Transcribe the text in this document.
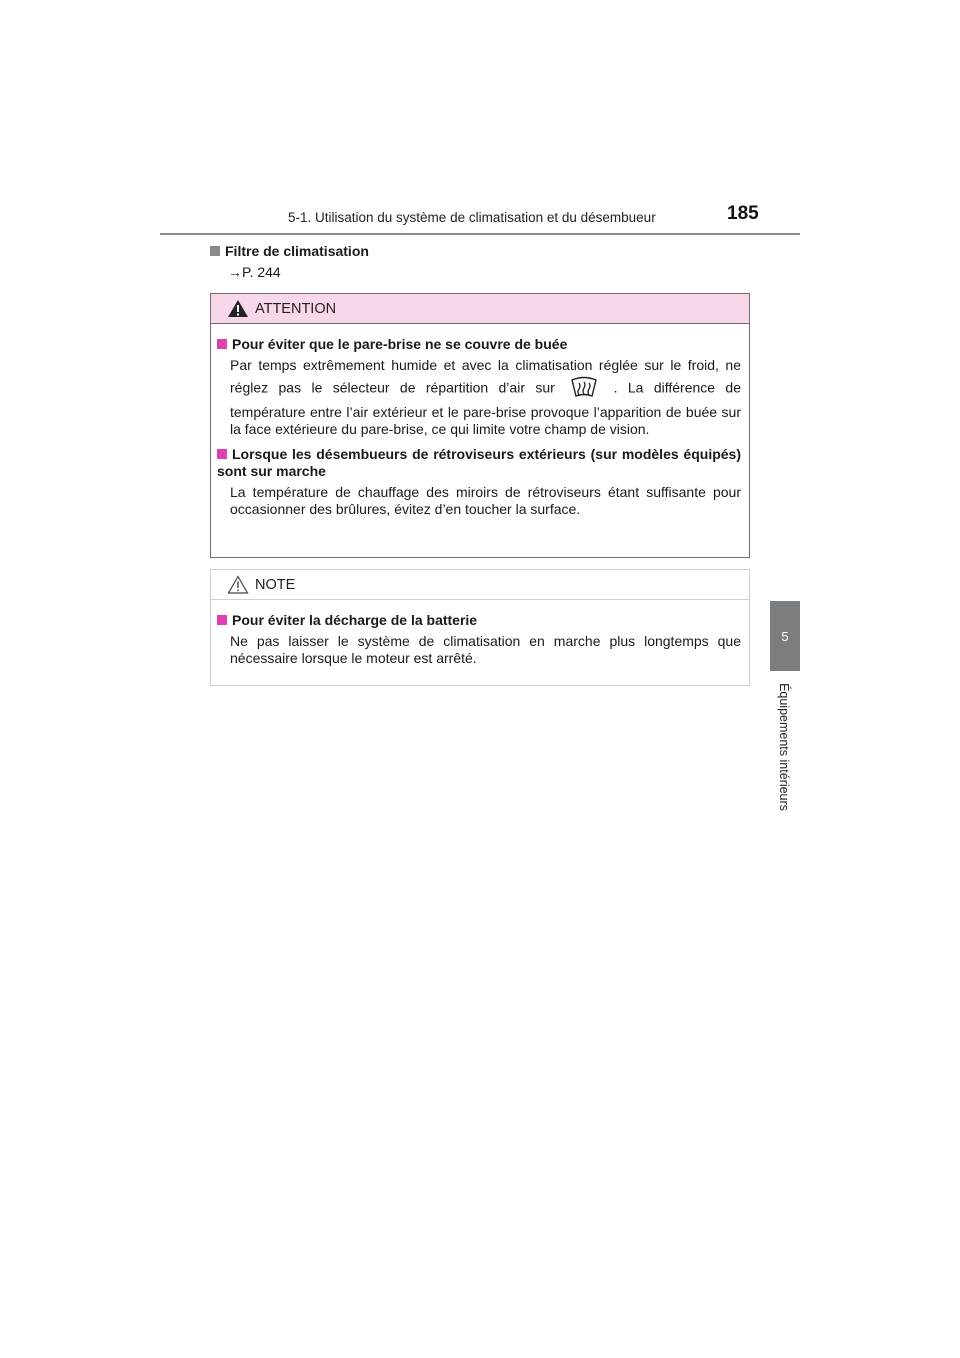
5-1. Utilisation du système de climatisation et du désembueur	185
5
Équipements intérieurs
Filtre de climatisation
→P. 244
ATTENTION
Pour éviter que le pare-brise ne se couvre de buée
Par temps extrêmement humide et avec la climatisation réglée sur le froid, ne réglez pas le sélecteur de répartition d’air sur	. La différence de température entre l’air extérieur et le pare-brise provoque l’apparition de buée sur la face extérieure du pare-brise, ce qui limite votre champ de vision.
Lorsque les désembueurs de rétroviseurs extérieurs (sur modèles équipés) sont sur marche
La température de chauffage des miroirs de rétroviseurs étant suffisante pour occasionner des brûlures, évitez d’en toucher la surface.
NOTE
Pour éviter la décharge de la batterie
Ne pas laisser le système de climatisation en marche plus longtemps que nécessaire lorsque le moteur est arrêté.
